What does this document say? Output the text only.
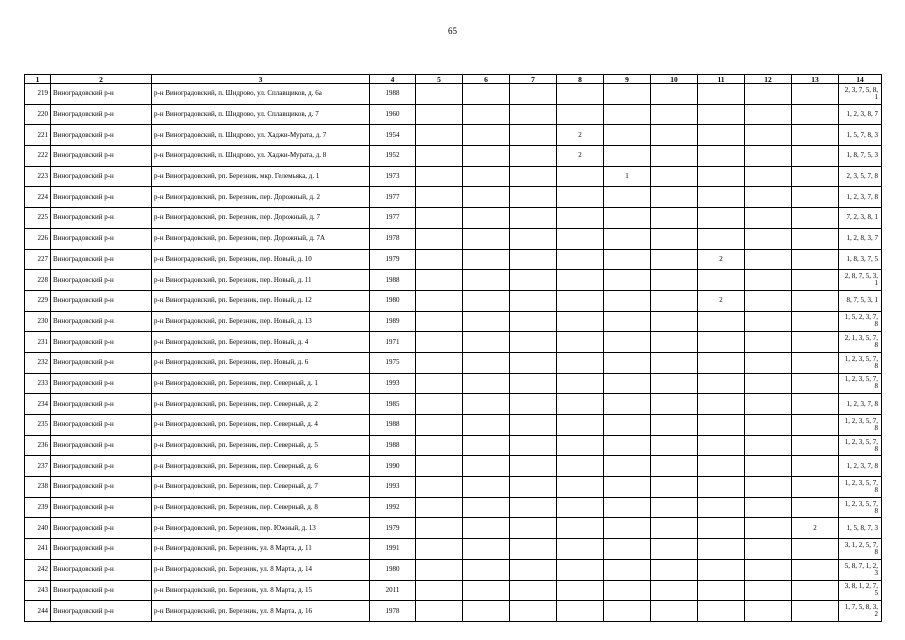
65
1	2	3	4	5	6	7	8	9	10	11	12	13	14
219	Виноградовский р-н	р-н Виноградовский, п. Шидрово, ул. Сплавщиков, д. 6а	1988										2, 3, 7, 5, 8, 1
220	Виноградовский р-н	р-н Виноградовский, п. Шидрово, ул. Сплавщиков, д. 7	1960										1, 2, 3, 8, 7
221	Виноградовский р-н	р-н Виноградовский, п. Шидрово, ул. Хаджи-Мурата, д. 7	1954				2						1, 5, 7, 8, 3
222	Виноградовский р-н	р-н Виноградовский, п. Шидрово, ул. Хаджи-Мурата, д. 8	1952				2						1, 8, 7, 5, 3
223	Виноградовский р-н	р-н Виноградовский, рп. Березник, мкр. Гелемьяка, д. 1	1973					1					2, 3, 5, 7, 8
224	Виноградовский р-н	р-н Виноградовский, рп. Березник, пер. Дорожный, д. 2	1977										1, 2, 3, 7, 8
225	Виноградовский р-н	р-н Виноградовский, рп. Березник, пер. Дорожный, д. 7	1977										7, 2, 3, 8, 1
226	Виноградовский р-н	р-н Виноградовский, рп. Березник, пер. Дорожный, д. 7А	1978										1, 2, 8, 3, 7
227	Виноградовский р-н	р-н Виноградовский, рп. Березник, пер. Новый, д. 10	1979							2			1, 8, 3, 7, 5
228	Виноградовский р-н	р-н Виноградовский, рп. Березник, пер. Новый, д. 11	1988										2, 8, 7, 5, 3, 1
229	Виноградовский р-н	р-н Виноградовский, рп. Березник, пер. Новый, д. 12	1980							2			8, 7, 5, 3, 1
230	Виноградовский р-н	р-н Виноградовский, рп. Березник, пер. Новый, д. 13	1989										1, 5, 2, 3, 7, 8
231	Виноградовский р-н	р-н Виноградовский, рп. Березник, пер. Новый, д. 4	1971										2, 1, 3, 5, 7, 8
232	Виноградовский р-н	р-н Виноградовский, рп. Березник, пер. Новый, д. 6	1975										1, 2, 3, 5, 7, 8
233	Виноградовский р-н	р-н Виноградовский, рп. Березник, пер. Северный, д. 1	1993										1, 2, 3, 5, 7, 8
234	Виноградовский р-н	р-н Виноградовский, рп. Березник, пер. Северный, д. 2	1985										1, 2, 3, 7, 8
235	Виноградовский р-н	р-н Виноградовский, рп. Березник, пер. Северный, д. 4	1988										1, 2, 3, 5, 7, 8
236	Виноградовский р-н	р-н Виноградовский, рп. Березник, пер. Северный, д. 5	1988										1, 2, 3, 5, 7, 8
237	Виноградовский р-н	р-н Виноградовский, рп. Березник, пер. Северный, д. 6	1990										1, 2, 3, 7, 8
238	Виноградовский р-н	р-н Виноградовский, рп. Березник, пер. Северный, д. 7	1993										1, 2, 3, 5, 7, 8
239	Виноградовский р-н	р-н Виноградовский, рп. Березник, пер. Северный, д. 8	1992										1, 2, 3, 5, 7, 8
240	Виноградовский р-н	р-н Виноградовский, рп. Березник, пер. Южный, д. 13	1979									2	1, 5, 8, 7, 3
241	Виноградовский р-н	р-н Виноградовский, рп. Березник, ул. 8 Марта, д. 11	1991										3, 1, 2, 5, 7, 8
242	Виноградовский р-н	р-н Виноградовский, рп. Березник, ул. 8 Марта, д. 14	1980										5, 8, 7, 1, 2, 3
243	Виноградовский р-н	р-н Виноградовский, рп. Березник, ул. 8 Марта, д. 15	2011										3, 8, 1, 2, 7, 5
244	Виноградовский р-н	р-н Виноградовский, рп. Березник, ул. 8 Марта, д. 16	1978										1, 7, 5, 8, 3, 2
